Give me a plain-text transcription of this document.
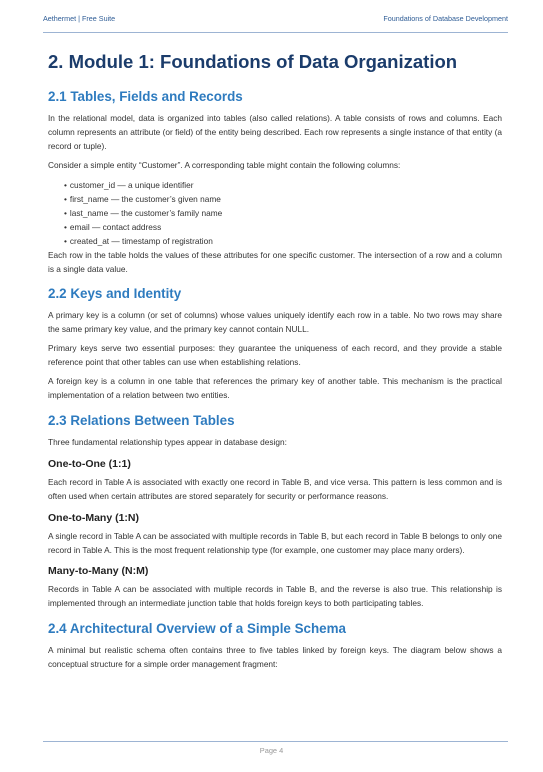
Aethermet | Free Suite	Foundations of Database Development
2. Module 1: Foundations of Data Organization
2.1 Tables, Fields and Records

In the relational model, data is organized into tables (also called relations). A table consists of rows and columns. Each column represents an attribute (or field) of the entity being described. Each row represents a single instance of that entity (a record or tuple).

Consider a simple entity “Customer”. A corresponding table might contain the following columns:

• customer_id — a unique identifier
• first_name — the customer’s given name
• last_name — the customer’s family name
• email — contact address
• created_at — timestamp of registration

Each row in the table holds the values of these attributes for one specific customer. The intersection of a row and a column is a single data value.

2.2 Keys and Identity

A primary key is a column (or set of columns) whose values uniquely identify each row in a table. No two rows may share the same primary key value, and the primary key cannot contain NULL.

Primary keys serve two essential purposes: they guarantee the uniqueness of each record, and they provide a stable reference point that other tables can use when establishing relations.

A foreign key is a column in one table that references the primary key of another table. This mechanism is the practical implementation of a relation between two entities.

2.3 Relations Between Tables

Three fundamental relationship types appear in database design:

One-to-One (1:1)

Each record in Table A is associated with exactly one record in Table B, and vice versa. This pattern is less common and is often used when certain attributes are stored separately for security or performance reasons.

One-to-Many (1:N)

A single record in Table A can be associated with multiple records in Table B, but each record in Table B belongs to only one record in Table A. This is the most frequent relationship type (for example, one customer may place many orders).

Many-to-Many (N:M)

Records in Table A can be associated with multiple records in Table B, and the reverse is also true. This relationship is implemented through an intermediate junction table that holds foreign keys to both participating tables.

2.4 Architectural Overview of a Simple Schema

A minimal but realistic schema often contains three to five tables linked by foreign keys. The diagram below shows a conceptual structure for a simple order management fragment:

Page 4
